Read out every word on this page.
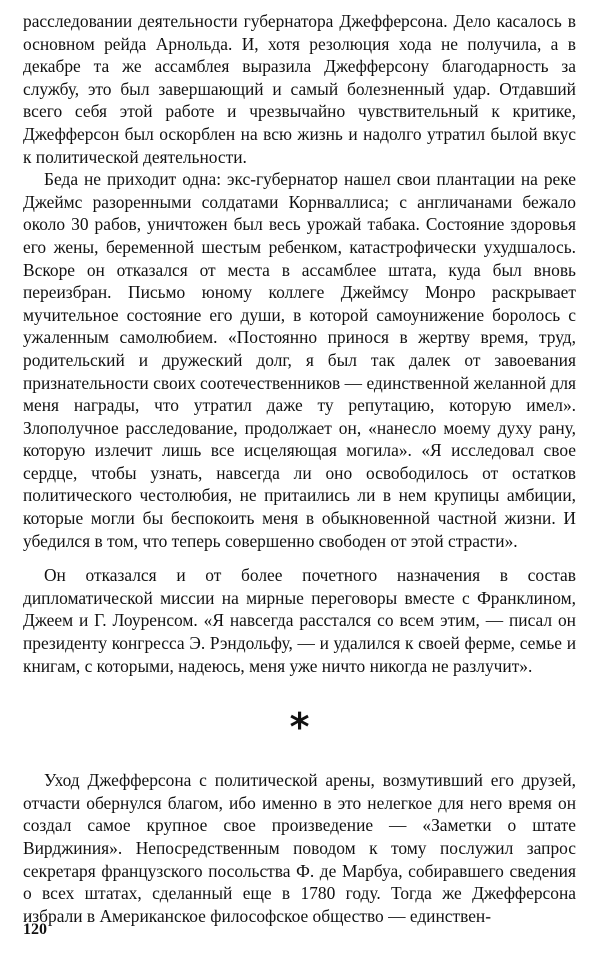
расследовании деятельности губернатора Джефферсона. Дело касалось в основном рейда Арнольда. И, хотя резолюция хода не получила, а в декабре та же ассамблея выразила Джефферсону благодарность за службу, это был завершающий и самый болезненный удар. Отдавший всего себя этой работе и чрезвычайно чувствительный к критике, Джефферсон был оскорблен на всю жизнь и надолго утратил былой вкус к политической деятельности.

Беда не приходит одна: экс-губернатор нашел свои плантации на реке Джеймс разоренными солдатами Корнваллиса; с англичанами бежало около 30 рабов, уничтожен был весь урожай табака. Состояние здоровья его жены, беременной шестым ребенком, катастрофически ухудшалось. Вскоре он отказался от места в ассамблее штата, куда был вновь переизбран. Письмо юному коллеге Джеймсу Монро раскрывает мучительное состояние его души, в которой самоунижение боролось с ужаленным самолюбием. «Постоянно принося в жертву время, труд, родительский и дружеский долг, я был так далек от завоевания признательности своих соотечественников — единственной желанной для меня награды, что утратил даже ту репутацию, которую имел». Злополучное расследование, продолжает он, «нанесло моему духу рану, которую излечит лишь все исцеляющая могила». «Я исследовал свое сердце, чтобы узнать, навсегда ли оно освободилось от остатков политического честолюбия, не притаились ли в нем крупицы амбиции, которые могли бы беспокоить меня в обыкновенной частной жизни. И убедился в том, что теперь совершенно свободен от этой страсти».

Он отказался и от более почетного назначения в состав дипломатической миссии на мирные переговоры вместе с Франклином, Джеем и Г. Лоуренсом. «Я навсегда расстался со всем этим, — писал он президенту конгресса Э. Рэндольфу, — и удалился к своей ферме, семье и книгам, с которыми, надеюсь, меня уже ничто никогда не разлучит».

*

Уход Джефферсона с политической арены, возмутивший его друзей, отчасти обернулся благом, ибо именно в это нелегкое для него время он создал самое крупное свое произведение — «Заметки о штате Вирджиния». Непосредственным поводом к тому послужил запрос секретаря французского посольства Ф. де Марбуа, собиравшего сведения о всех штатах, сделанный еще в 1780 году. Тогда же Джефферсона избрали в Американское философское общество — единствен-

120
